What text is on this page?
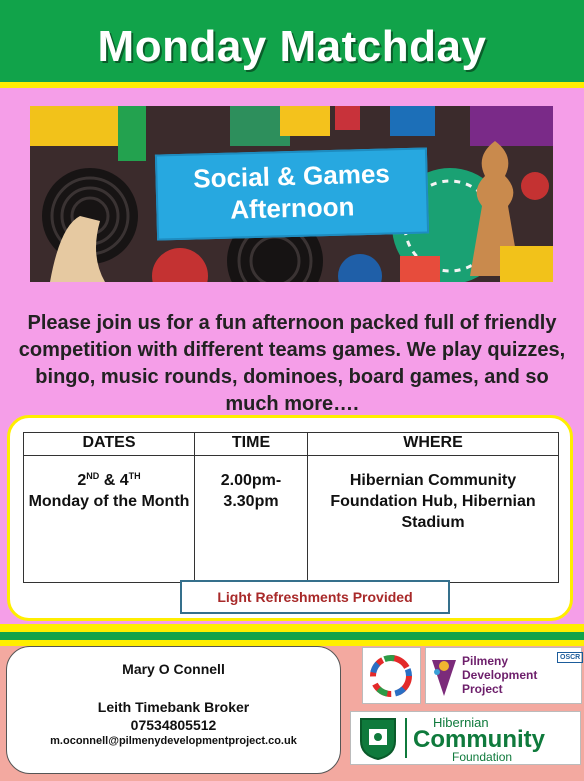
Monday Matchday
Social & Games
Afternoon
Please join us for a fun afternoon packed full of friendly competition with different teams games. We play quizzes, bingo, music rounds, dominoes, board games, and so much more….
DATES	TIME	WHERE
2ND & 4TH
Monday of the Month	2.00pm-3.30pm	Hibernian Community Foundation Hub, Hibernian Stadium
Light Refreshments Provided
Mary O Connell
Leith Timebank Broker
07534805512
m.oconnell@pilmenydevelopmentproject.co.uk
Pilmeny
Development
Project
OSCR
Hibernian
Community
Foundation
